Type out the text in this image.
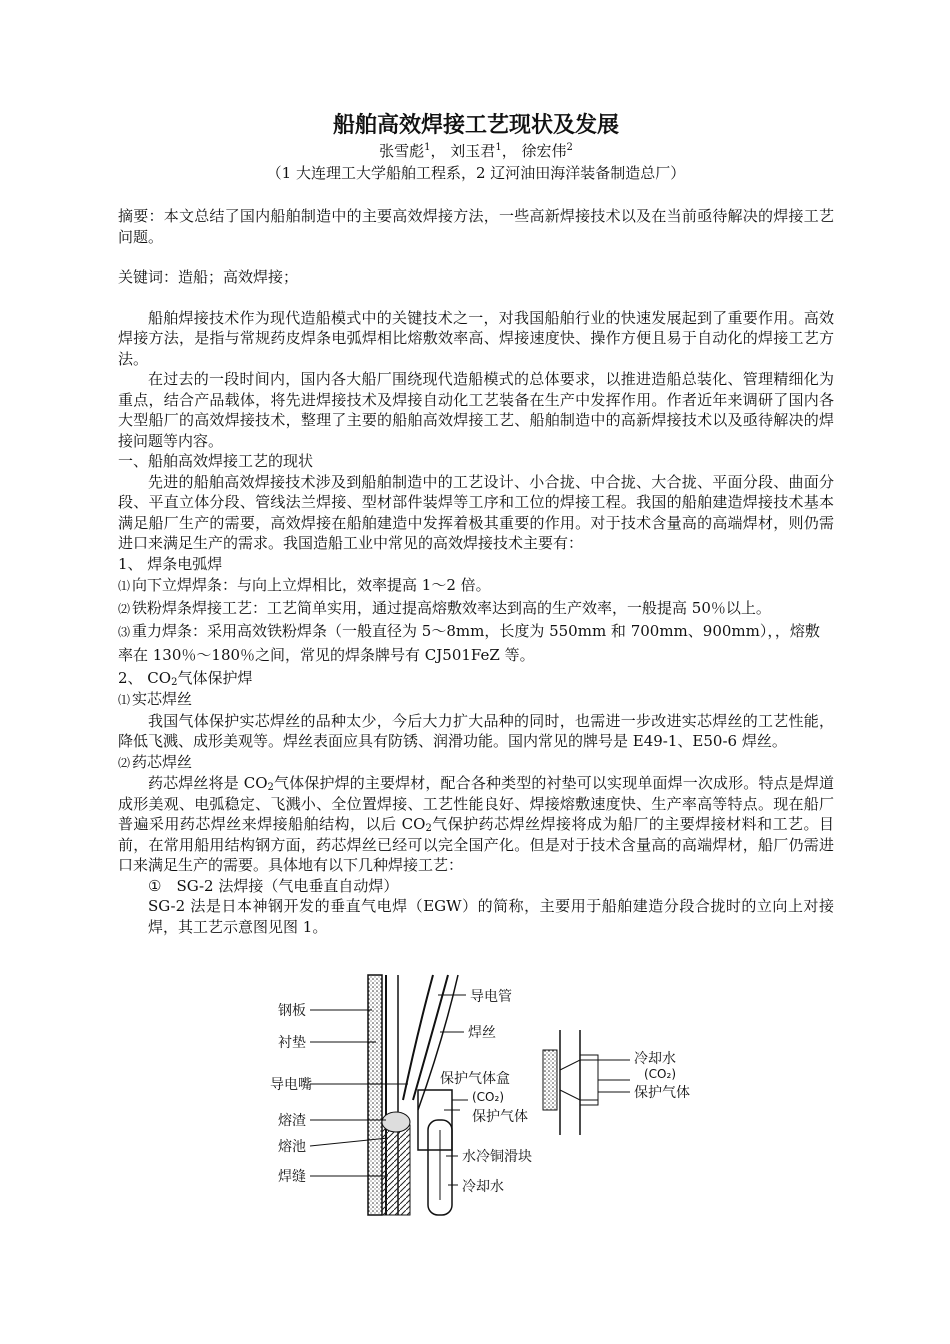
船舶高效焊接工艺现状及发展
张雪彪$^1$， 刘玉君$^1$， 徐宏伟$^2$
（1 大连理工大学船舶工程系，2 辽河油田海洋装备制造总厂）

摘要：本文总结了国内船舶制造中的主要高效焊接方法，一些高新焊接技术以及在当前亟待解决的焊接工艺问题。

关键词：造船；高效焊接；

船舶焊接技术作为现代造船模式中的关键技术之一，对我国船舶行业的快速发展起到了重要作用。高效焊接方法，是指与常规药皮焊条电弧焊相比熔敷效率高、焊接速度快、操作方便且易于自动化的焊接工艺方法。

在过去的一段时间内，国内各大船厂围绕现代造船模式的总体要求，以推进造船总装化、管理精细化为重点，结合产品载体，将先进焊接技术及焊接自动化工艺装备在生产中发挥作用。作者近年来调研了国内各大型船厂的高效焊接技术，整理了主要的船舶高效焊接工艺、船舶制造中的高新焊接技术以及亟待解决的焊接问题等内容。

一、船舶高效焊接工艺的现状

先进的船舶高效焊接技术涉及到船舶制造中的工艺设计、小合拢、中合拢、大合拢、平面分段、曲面分段、平直立体分段、管线法兰焊接、型材部件装焊等工序和工位的焊接工程。我国的船舶建造焊接技术基本满足船厂生产的需要，高效焊接在船舶建造中发挥着极其重要的作用。对于技术含量高的高端焊材，则仍需进口来满足生产的需求。我国造船工业中常见的高效焊接技术主要有：

1、 焊条电弧焊

⑴ 向下立焊焊条：与向上立焊相比，效率提高 1～2 倍。

⑵ 铁粉焊条焊接工艺：工艺简单实用，通过提高熔敷效率达到高的生产效率，一般提高 50％以上。

⑶ 重力焊条：采用高效铁粉焊条（一般直径为 5～8mm，长度为 550mm 和 700mm、900mm），，熔敷率在 130％～180％之间，常见的焊条牌号有 CJ501FeZ 等。

2、 $CO_2$气体保护焊

⑴ 实芯焊丝

我国气体保护实芯焊丝的品种太少，今后大力扩大品种的同时，也需进一步改进实芯焊丝的工艺性能，降低飞溅、成形美观等。焊丝表面应具有防锈、润滑功能。国内常见的牌号是 E49-1、E50-6 焊丝。

⑵ 药芯焊丝

药芯焊丝将是 $CO_2$气体保护焊的主要焊材，配合各种类型的衬垫可以实现单面焊一次成形。特点是焊道成形美观、电弧稳定、飞溅小、全位置焊接、工艺性能良好、焊接熔敷速度快、生产率高等特点。现在船厂普遍采用药芯焊丝来焊接船舶结构，以后 $CO_2$气保护药芯焊丝焊接将成为船厂的主要焊接材料和工艺。目前，在常用船用结构钢方面，药芯焊丝已经可以完全国产化。但是对于技术含量高的高端焊材，船厂仍需进口来满足生产的需要。具体地有以下几种焊接工艺：

①　SG-2 法焊接（气电垂直自动焊）

SG-2 法是日本神钢开发的垂直气电焊（EGW）的简称，主要用于船舶建造分段合拢时的立向上对接焊，其工艺示意图见图 1。

钢板
衬垫
导电嘴
熔渣
熔池
焊缝
导电管
焊丝
保护气体盒
(CO₂)
保护气体
水冷铜滑块
冷却水
冷却水
(CO₂)
保护气体
